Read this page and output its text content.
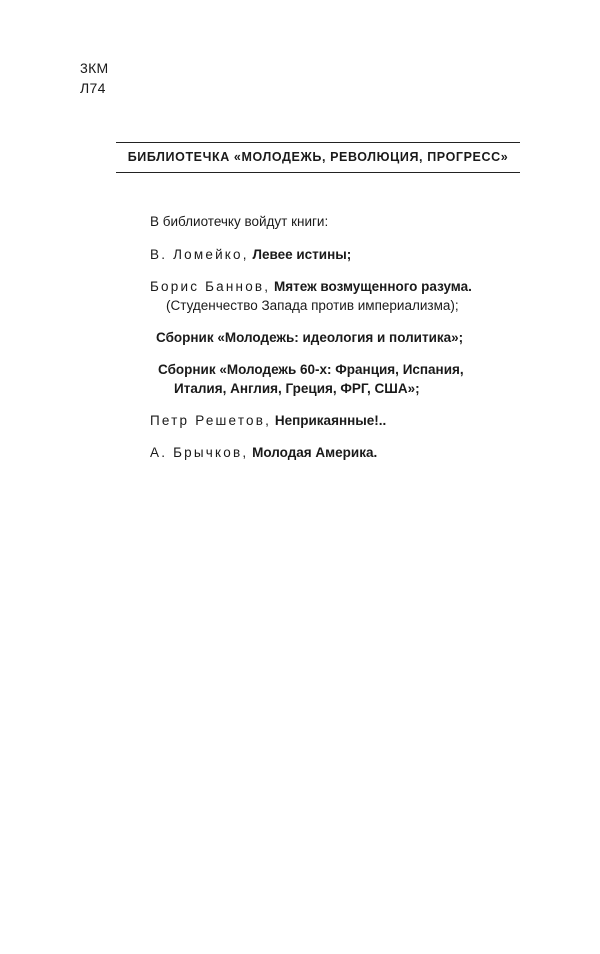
3КМ
Л74
БИБЛИОТЕЧКА «МОЛОДЕЖЬ, РЕВОЛЮЦИЯ, ПРОГРЕСС»
В библиотечку войдут книги:
В. Ломейко, Левее истины;
Борис Баннов, Мятеж возмущенного разума.
(Студенчество Запада против империализма);
Сборник «Молодежь: идеология и политика»;
Сборник «Молодежь 60-х: Франция, Испания,
Италия, Англия, Греция, ФРГ, США»;
Петр Решетов, Неприкаянные!..
А. Брычков, Молодая Америка.
